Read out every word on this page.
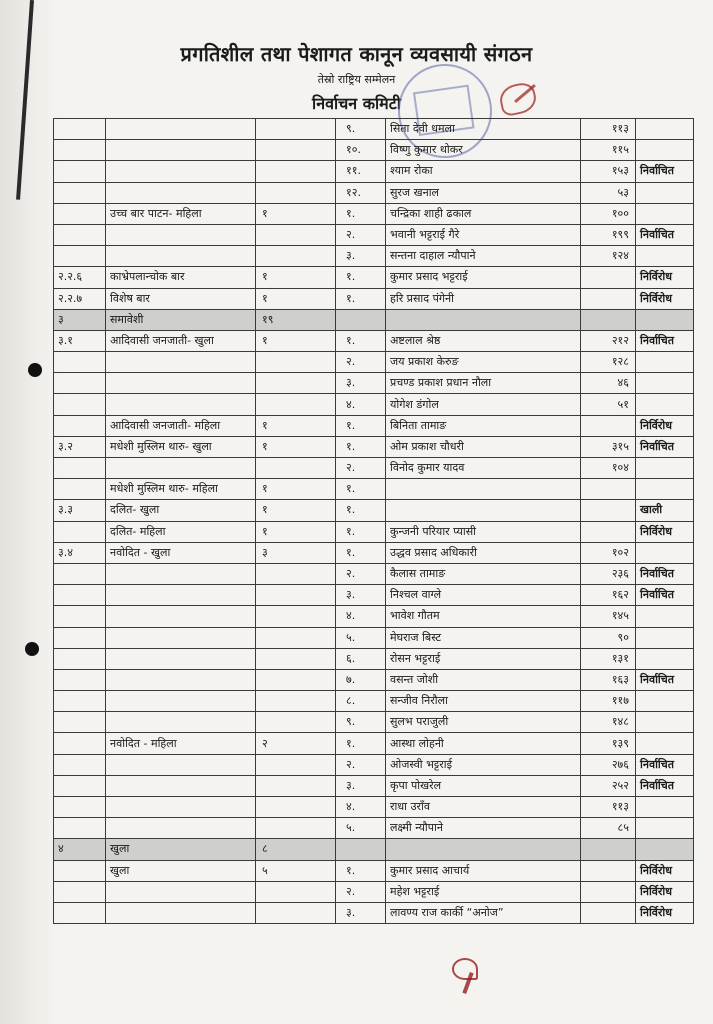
प्रगतिशील तथा पेशागत कानून व्यवसायी संगठन
तेस्रो राष्ट्रिय सम्मेलन
निर्वाचन कमिटी
			९.	सिता देवी धमला	११३	
			१०.	विष्णु कुमार थोकर	११५	
			११.	श्याम रोका	१५३	निर्वाचित
			१२.	सुरज खनाल	५३	
	उच्च बार पाटन- महिला	१	१.	चन्द्रिका शाही ढकाल	१००	
			२.	भवानी भट्टराई गैरे	१९९	निर्वाचित
			३.	सन्तना दाहाल न्यौपाने	१२४	
२.२.६	काभ्रेपलान्चोक बार	१	१.	कुमार प्रसाद भट्टराई		निर्विरोध
२.२.७	विशेष बार	१	१.	हरि प्रसाद पंगेनी		निर्विरोध
३	समावेशी	१९				
३.१	आदिवासी जनजाती- खुला	१	१.	अष्टलाल श्रेष्ठ	२१२	निर्वाचित
			२.	जय प्रकाश केरुङ	१२८	
			३.	प्रचण्ड प्रकाश प्रधान नौला	४६	
			४.	योगेश डंगोल	५१	
	आदिवासी जनजाती- महिला	१	१.	बिनिता तामाङ		निर्विरोध
३.२	मधेशी मुस्लिम थारु- खुला	१	१.	ओम प्रकाश चौधरी	३१५	निर्वाचित
			२.	विनोद कुमार यादव	१०४	
	मधेशी मुस्लिम थारु- महिला	१	१.			
३.३	दलित- खुला	१	१.			खाली
	दलित- महिला	१	१.	कुन्जनी परियार प्यासी		निर्विरोध
३.४	नवोदित - खुला	३	१.	उद्धव प्रसाद अधिकारी	१०२	
			२.	कैलास तामाङ	२३६	निर्वाचित
			३.	निश्चल वाग्ले	१६२	निर्वाचित
			४.	भावेश गौतम	१४५	
			५.	मेघराज बिस्ट	९०	
			६.	रोसन भट्टराई	१३१	
			७.	वसन्त जोशी	१६३	निर्वाचित
			८.	सन्जीव निरौला	११७	
			९.	सुलभ पराजुली	१४८	
	नवोदित - महिला	२	१.	आस्था लोहनी	१३९	
			२.	ओजस्वी भट्टराई	२७६	निर्वाचित
			३.	कृपा पोखरेल	२५२	निर्वाचित
			४.	राधा उराँव	११३	
			५.	लक्ष्मी न्यौपाने	८५	
४	खुला	८				
	खुला	५	१.	कुमार प्रसाद आचार्य		निर्विरोध
			२.	महेश भट्टराई		निर्विरोध
			३.	लावण्य राज कार्की “अनोज”		निर्विरोध
